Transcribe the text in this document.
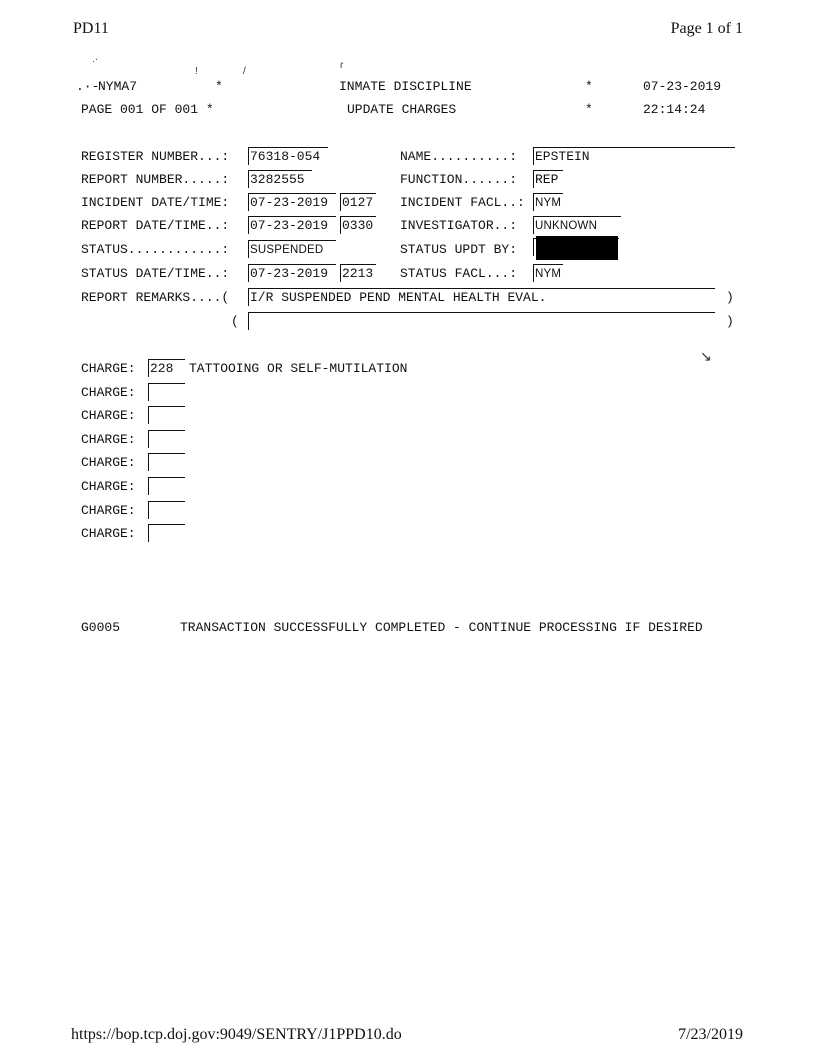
PD11	Page 1 of 1
.·
!	/
ɾ
.·-
NYMA7	*	INMATE DISCIPLINE	*	07-23-2019
PAGE 001 OF 001 *	UPDATE CHARGES	*	22:14:24
REGISTER NUMBER...: 76318-054	NAME..........: EPSTEIN
REPORT NUMBER.....: 3282555	FUNCTION......: REP
INCIDENT DATE/TIME: 07-23-2019	0127 INCIDENT FACL..: NYM
REPORT DATE/TIME..: 07-23-2019	0330 INVESTIGATOR..: UNKNOWN
STATUS............: SUSPENDED	STATUS UPDT BY:
STATUS DATE/TIME..: 07-23-2019	2213 STATUS FACL...: NYM
REPORT REMARKS....( I/R SUSPENDED PEND MENTAL HEALTH EVAL.	)
(	)
↘
CHARGE: 228	TATTOOING OR SELF-MUTILATION
CHARGE:
CHARGE:
CHARGE:
CHARGE:
CHARGE:
CHARGE:
CHARGE:
G0005	TRANSACTION SUCCESSFULLY COMPLETED - CONTINUE PROCESSING IF DESIRED
https://bop.tcp.doj.gov:9049/SENTRY/J1PPD10.do	7/23/2019
